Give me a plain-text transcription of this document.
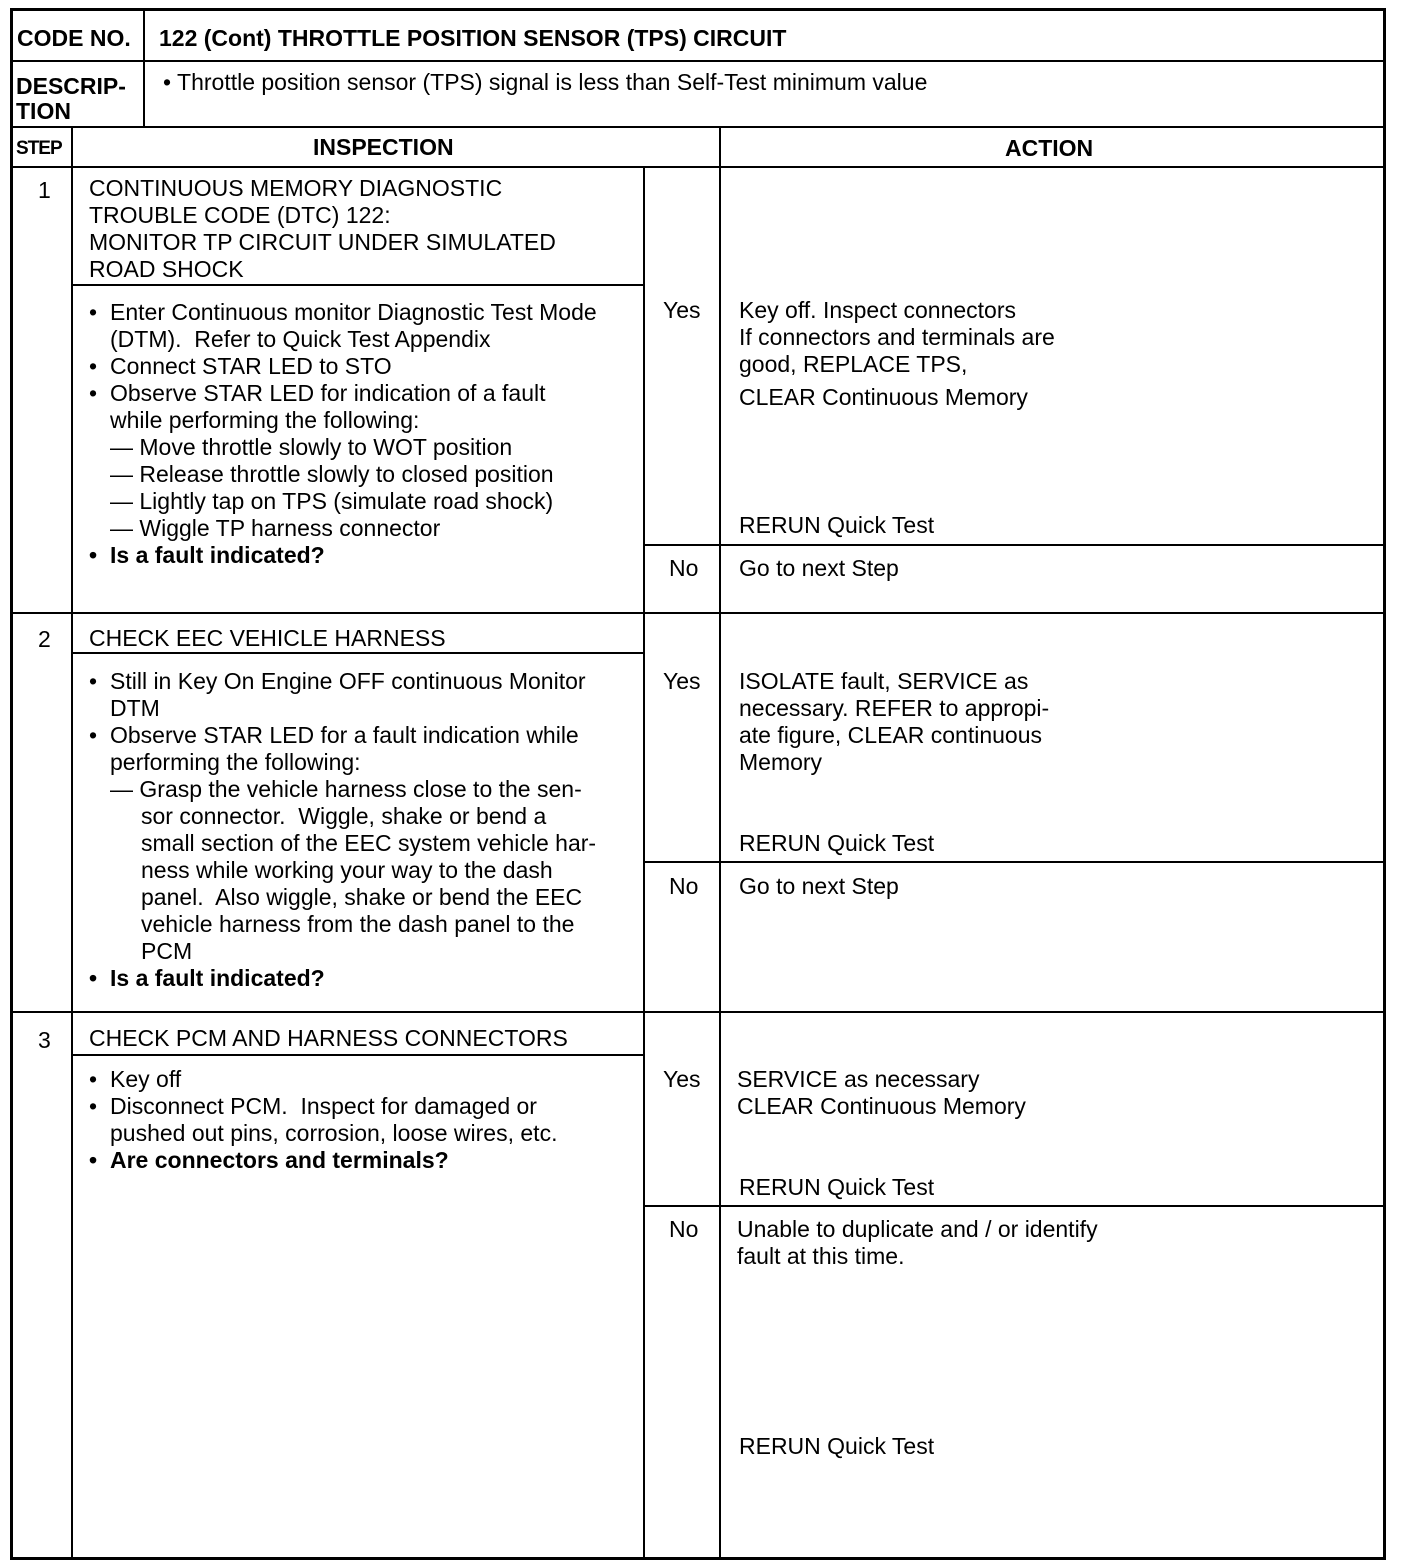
CODE NO. 122 (Cont) THROTTLE POSITION SENSOR (TPS) CIRCUIT
DESCRIP-
TION
• Throttle position sensor (TPS) signal is less than Self-Test minimum value
STEP	INSPECTION	ACTION
1 CONTINUOUS MEMORY DIAGNOSTIC
TROUBLE CODE (DTC) 122:
MONITOR TP CIRCUIT UNDER SIMULATED
ROAD SHOCK
• Enter Continuous monitor Diagnostic Test Mode
(DTM).  Refer to Quick Test Appendix
• Connect STAR LED to STO
• Observe STAR LED for indication of a fault
while performing the following:
— Move throttle slowly to WOT position
— Release throttle slowly to closed position
— Lightly tap on TPS (simulate road shock)
— Wiggle TP harness connector
• Is a fault indicated?
Yes Key off. Inspect connectors
If connectors and terminals are
good, REPLACE TPS,
CLEAR Continuous Memory
RERUN Quick Test
No Go to next Step
2 CHECK EEC VEHICLE HARNESS
• Still in Key On Engine OFF continuous Monitor
DTM
• Observe STAR LED for a fault indication while
performing the following:
— Grasp the vehicle harness close to the sen-
sor connector.  Wiggle, shake or bend a
small section of the EEC system vehicle har-
ness while working your way to the dash
panel.  Also wiggle, shake or bend the EEC
vehicle harness from the dash panel to the
PCM
• Is a fault indicated?
Yes ISOLATE fault, SERVICE as
necessary. REFER to appropi-
ate figure, CLEAR continuous
Memory
RERUN Quick Test
No Go to next Step
3 CHECK PCM AND HARNESS CONNECTORS
• Key off
• Disconnect PCM.  Inspect for damaged or
pushed out pins, corrosion, loose wires, etc.
• Are connectors and terminals?
Yes SERVICE as necessary
CLEAR Continuous Memory
RERUN Quick Test
No Unable to duplicate and / or identify
fault at this time.
RERUN Quick Test
